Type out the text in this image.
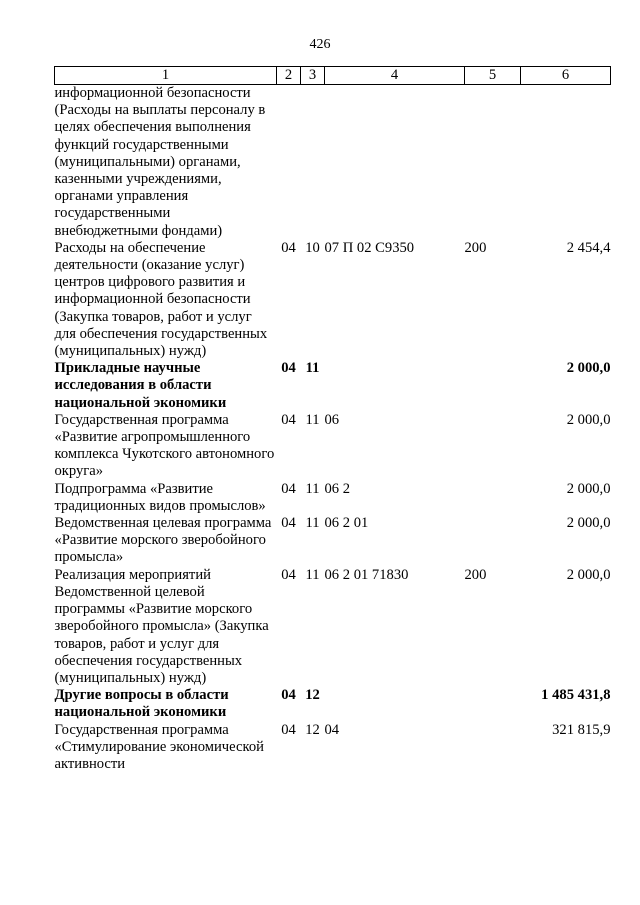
426
1	2	3	4	5	6
информационной безопасности (Расходы на выплаты персоналу в целях обеспечения выполнения функций государственными (муниципальными) органами, казенными учреждениями, органами управления государственными внебюджетными фондами)					
Расходы на обеспечение деятельности (оказание услуг) центров цифрового развития и информационной безопасности (Закупка товаров, работ и услуг для обеспечения государственных (муниципальных) нужд)	04	10	07 П 02 С9350	200	2 454,4
Прикладные научные исследования в области национальной экономики	04	11			2 000,0
Государственная программа «Развитие агропромышленного комплекса Чукотского автономного округа»	04	11	06		2 000,0
Подпрограмма «Развитие традиционных видов промыслов»	04	11	06 2		2 000,0
Ведомственная целевая программа «Развитие морского зверобойного промысла»	04	11	06 2 01		2 000,0
Реализация мероприятий Ведомственной целевой программы «Развитие морского зверобойного промысла» (Закупка товаров, работ и услуг для обеспечения государственных (муниципальных) нужд)	04	11	06 2 01 71830	200	2 000,0
Другие вопросы в области национальной экономики	04	12			1 485 431,8
Государственная программа «Стимулирование экономической активности	04	12	04		321 815,9
